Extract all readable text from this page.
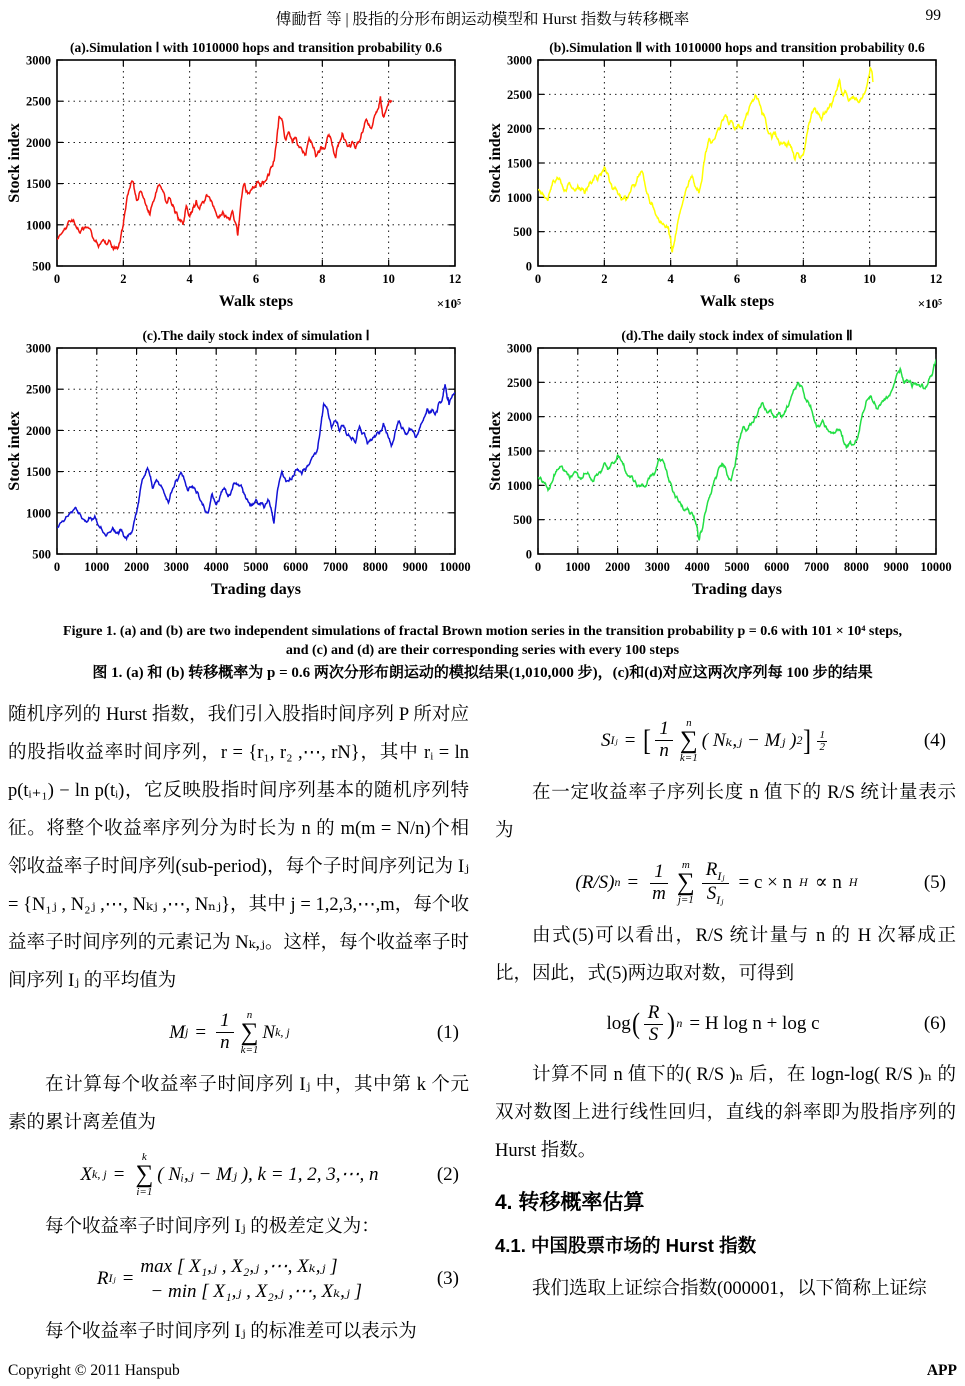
傅勔哲 等 | 股指的分形布朗运动模型和 Hurst 指数与转移概率	99
500
1000
1500
2000
2500
3000
0	2	4	6	8	10	12
(a).Simulation Ⅰ with 1010000 hops and transition probability 0.6
Walk steps	×10⁵
Stock index
0
500
1000
1500
2000
2500
3000
0	2	4	6	8	10	12
(b).Simulation Ⅱ with 1010000 hops and transition probability 0.6
Walk steps	×10⁵
Stock index
500
1000
1500
2000
2500
3000
0 1000 2000 3000 4000 5000 6000 7000 8000 9000 10000
(c).The daily stock index of simulation Ⅰ
Trading days
Stock index
0
500
1000
1500
2000
2500
3000
0 1000 2000 3000 4000 5000 6000 7000 8000 9000 10000
(d).The daily stock index of simulation Ⅱ
Trading days
Stock index
Figure 1. (a) and (b) are two independent simulations of fractal Brown motion series in the transition probability p = 0.6 with 101 × 10⁴ steps,
and (c) and (d) are their corresponding series with every 100 steps
图 1. (a) 和 (b) 转移概率为 p = 0.6 两次分形布朗运动的模拟结果(1,010,000 步)，(c)和(d)对应这两次序列每 100 步的结果

随机序列的 Hurst 指数，我们引入股指时间序列 P 所对应的股指收益率时间序列，r = {r₁, r₂ ,⋯, rN}，其中 rᵢ = ln p(tᵢ₊₁) − ln p(tᵢ)，它反映股指时间序列基本的随机序列特征。将整个收益率序列分为时长为 n 的 m(m = N/n)个相邻收益率子时间序列(sub-period)，每个子时间序列记为 Iⱼ = {N₁ⱼ , N₂ⱼ ,⋯, Nₖⱼ ,⋯, Nₙⱼ}，其中 j = 1,2,3,⋯,m，每个收益率子时间序列的元素记为 Nₖ,ⱼ。这样，每个收益率子时间序列 Iⱼ 的平均值为

M $j = \frac{1}{n}$ n
∑
k=1
N k, j	(1)

在计算每个收益率子时间序列 Iⱼ 中，其中第 k 个元素的累计离差值为

X k, j =
k
∑
i=1
( Nᵢ,ⱼ − Mⱼ ) , k = 1, 2, 3,⋯, n	(2)

每个收益率子时间序列 Iⱼ 的极差定义为：

R Iⱼ =
max [ X₁,ⱼ , X₂,ⱼ ,⋯, Xₖ,ⱼ ]
− min [ X₁,ⱼ , X₂,ⱼ ,⋯, Xₖ,ⱼ ]
(3)

每个收益率子时间序列 Iⱼ 的标准差可以表示为

S Iⱼ = [ $\frac{1}{n}$ n
∑
k=1
( Nₖ,ⱼ − Mⱼ ) 2 ] $\frac{1}{2}$	(4)

在一定收益率子序列长度 n 值下的 R/S 统计量表示为

(R/S) $n = \frac{1}{m}$ m
∑
$j=1 \frac{R_{Iⱼ}}{S_{Iⱼ}} = c \times n$ H ∝ n H	(5)

由式(5)可以看出，R/S 统计量与 n 的 H 次幂成正比，因此，式(5)两边取对数，可得到

log ( $\frac{R}{S}$ ) n = H log n + log c	(6)

计算不同 n 值下的( R/S )ₙ 后，在 logn-log( R/S )ₙ 的双对数图上进行线性回归，直线的斜率即为股指序列的 Hurst 指数。

4. 转移概率估算
4.1. 中国股票市场的 Hurst 指数

我们选取上证综合指数(000001，以下简称上证综

Copyright © 2011 Hanspub	APP
